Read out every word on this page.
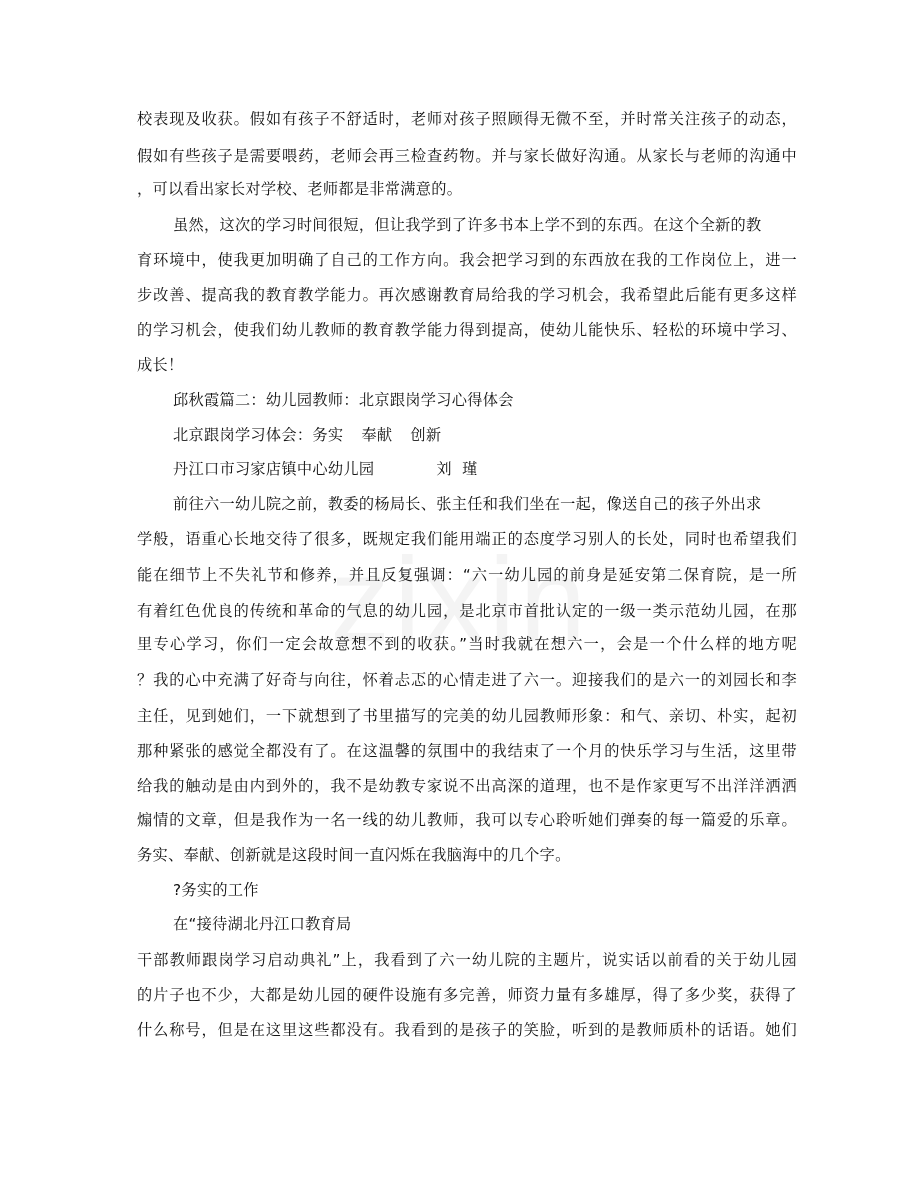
校表现及收获。假如有孩子不舒适时，老师对孩子照顾得无微不至，并时常关注孩子的动态，
假如有些孩子是需要喂药，老师会再三检查药物。并与家长做好沟通。从家长与老师的沟通中
，可以看出家长对学校、老师都是非常满意的。
虽然，这次的学习时间很短，但让我学到了许多书本上学不到的东西。在这个全新的教
育环境中，使我更加明确了自己的工作方向。我会把学习到的东西放在我的工作岗位上，进一
步改善、提高我的教育教学能力。再次感谢教育局给我的学习机会，我希望此后能有更多这样
的学习机会，使我们幼儿教师的教育教学能力得到提高，使幼儿能快乐、轻松的环境中学习、
成长！
邱秋霞篇二：幼儿园教师：北京跟岗学习心得体会
北京跟岗学习体会：务实 奉献 创新
丹江口市习家店镇中心幼儿园	刘  瑾
前往六一幼儿院之前，教委的杨局长、张主任和我们坐在一起，像送自己的孩子外出求
学般，语重心长地交待了很多，既规定我们能用端正的态度学习别人的长处，同时也希望我们
能在细节上不失礼节和修养，并且反复强调：“六一幼儿园的前身是延安第二保育院，是一所
有着红色优良的传统和革命的气息的幼儿园，是北京市首批认定的一级一类示范幼儿园，在那
里专心学习，你们一定会故意想不到的收获。”当时我就在想六一，会是一个什么样的地方呢
？我的心中充满了好奇与向往，怀着忐忑的心情走进了六一。迎接我们的是六一的刘园长和李
主任，见到她们，一下就想到了书里描写的完美的幼儿园教师形象：和气、亲切、朴实，起初
那种紧张的感觉全都没有了。在这温馨的氛围中的我结束了一个月的快乐学习与生活，这里带
给我的触动是由内到外的，我不是幼教专家说不出高深的道理，也不是作家更写不出洋洋洒洒
煽情的文章，但是我作为一名一线的幼儿教师，我可以专心聆听她们弹奏的每一篇爱的乐章。
务实、奉献、创新就是这段时间一直闪烁在我脑海中的几个字。
?务实的工作
在“接待湖北丹江口教育局
干部教师跟岗学习启动典礼”上，我看到了六一幼儿院的主题片，说实话以前看的关于幼儿园
的片子也不少，大都是幼儿园的硬件设施有多完善，师资力量有多雄厚，得了多少奖，获得了
什么称号，但是在这里这些都没有。我看到的是孩子的笑脸，听到的是教师质朴的话语。她们
